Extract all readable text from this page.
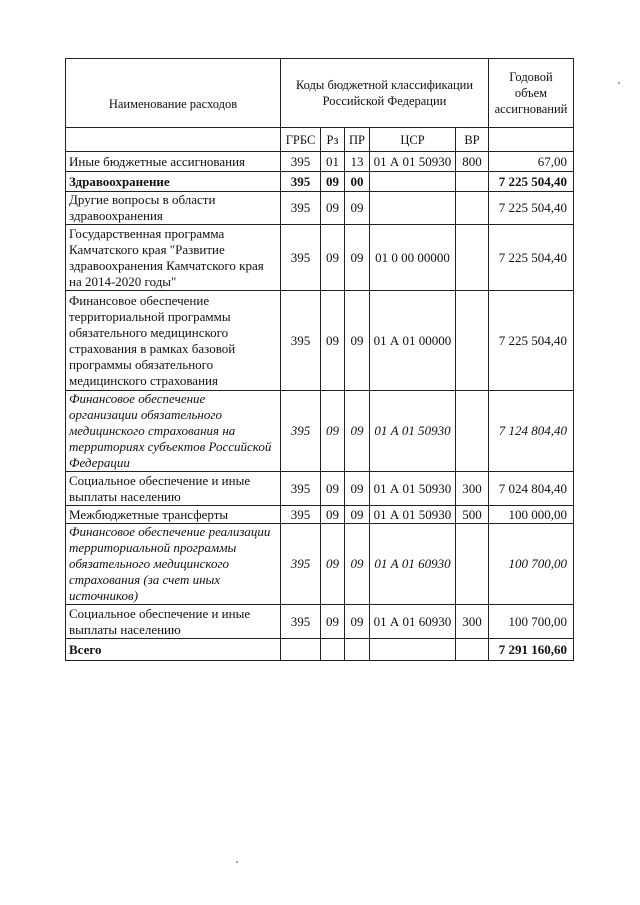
Наименование расходов	Коды бюджетной классификации Российской Федерации					Годовой объем ассигнований
	ГРБС	Рз	ПР	ЦСР	ВР	
Иные бюджетные ассигнования	395	01	13	01 А 01 50930	800	67,00
Здравоохранение	395	09	00			7 225 504,40
Другие вопросы в области здравоохранения	395	09	09			7 225 504,40
Государственная программа Камчатского края "Развитие здравоохранения Камчатского края на 2014-2020 годы"	395	09	09	01 0 00 00000		7 225 504,40
Финансовое обеспечение территориальной программы обязательного медицинского страхования в рамках базовой программы обязательного медицинского страхования	395	09	09	01 А 01 00000		7 225 504,40
Финансовое обеспечение организации обязательного медицинского страхования на территориях субъектов Российской Федерации	395	09	09	01 А 01 50930		7 124 804,40
Социальное обеспечение и иные выплаты населению	395	09	09	01 А 01 50930	300	7 024 804,40
Межбюджетные трансферты	395	09	09	01 А 01 50930	500	100 000,00
Финансовое обеспечение реализации территориальной программы обязательного медицинского страхования (за счет иных источников)	395	09	09	01 А 01 60930		100 700,00
Социальное обеспечение и иные выплаты населению	395	09	09	01 А 01 60930	300	100 700,00
Всего						7 291 160,60
